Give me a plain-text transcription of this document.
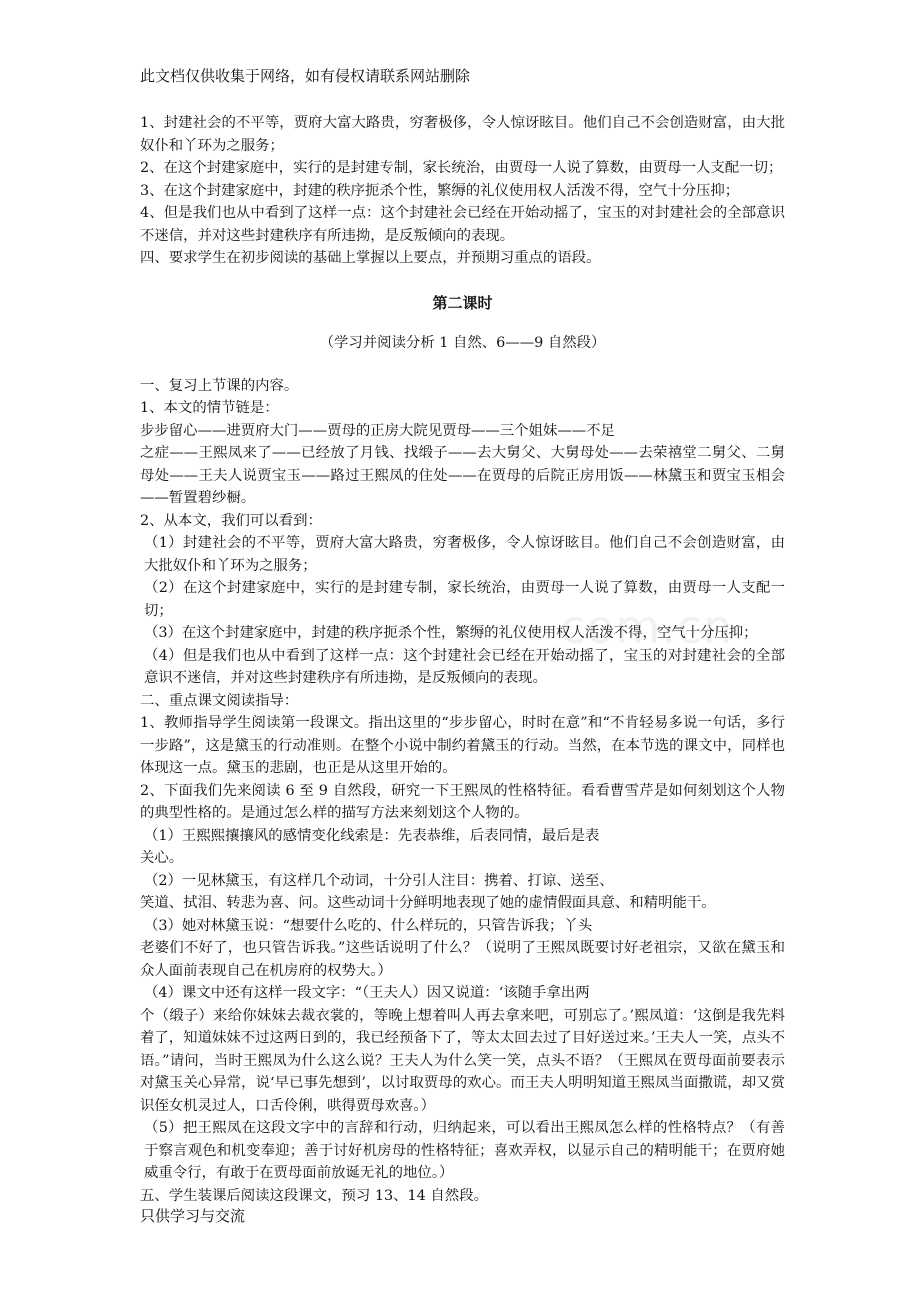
此文档仅供收集于网络，如有侵权请联系网站删除
com.cn

1、封建社会的不平等，贾府大富大路贵，穷奢极侈，令人惊讶眩目。他们自己不会创造财富，由大批奴仆和丫环为之服务；

2、在这个封建家庭中，实行的是封建专制，家长统治，由贾母一人说了算数，由贾母一人支配一切；

3、在这个封建家庭中，封建的秩序扼杀个性，繁缛的礼仪使用权人活泼不得，空气十分压抑；

4、但是我们也从中看到了这样一点：这个封建社会已经在开始动摇了，宝玉的对封建社会的全部意识不迷信，并对这些封建秩序有所违拗，是反叛倾向的表现。

四、要求学生在初步阅读的基础上掌握以上要点，并预期习重点的语段。

第二课时

（学习并阅读分析 1 自然、6——9 自然段）

一、复习上节课的内容。

1、本文的情节链是：

步步留心——进贾府大门——贾母的正房大院见贾母——三个姐妹——不足

之症——王熙凤来了——已经放了月钱、找缎子——去大舅父、大舅母处——去荣禧堂二舅父、二舅母处——王夫人说贾宝玉——路过王熙凤的住处——在贾母的后院正房用饭——林黛玉和贾宝玉相会——暂置碧纱橱。

2、从本文，我们可以看到：

（1）封建社会的不平等，贾府大富大路贵，穷奢极侈，令人惊讶眩目。他们自己不会创造财富，由大批奴仆和丫环为之服务；

（2）在这个封建家庭中，实行的是封建专制，家长统治，由贾母一人说了算数，由贾母一人支配一切；

（3）在这个封建家庭中，封建的秩序扼杀个性，繁缛的礼仪使用权人活泼不得，空气十分压抑；

（4）但是我们也从中看到了这样一点：这个封建社会已经在开始动摇了，宝玉的对封建社会的全部意识不迷信，并对这些封建秩序有所违拗，是反叛倾向的表现。

二、重点课文阅读指导：

1、教师指导学生阅读第一段课文。指出这里的“步步留心，时时在意”和“不肯轻易多说一句话，多行一步路”，这是黛玉的行动准则。在整个小说中制约着黛玉的行动。当然，在本节选的课文中，同样也体现这一点。黛玉的悲剧，也正是从这里开始的。

2、下面我们先来阅读 6 至 9 自然段，研究一下王熙凤的性格特征。看看曹雪芹是如何刻划这个人物的典型性格的。是通过怎么样的描写方法来刻划这个人物的。

（1）王熙熙攘攘风的感情变化线索是：先表恭维，后表同情，最后是表

关心。

（2）一见林黛玉，有这样几个动词，十分引人注目：携着、打谅、送至、

笑道、拭泪、转悲为喜、问。这些动词十分鲜明地表现了她的虚情假面具意、和精明能干。

（3）她对林黛玉说：“想要什么吃的、什么样玩的，只管告诉我；丫头

老婆们不好了，也只管告诉我。”这些话说明了什么？（说明了王熙凤既要讨好老祖宗，又欲在黛玉和众人面前表现自己在机房府的权势大。）

（4）课文中还有这样一段文字：“（王夫人）因又说道：‘该随手拿出两

个（缎子）来给你妹妹去裁衣裳的，等晚上想着叫人再去拿来吧，可别忘了。’熙凤道：‘这倒是我先料着了，知道妹妹不过这两日到的，我已经预备下了，等太太回去过了目好送过来。’王夫人一笑，点头不语。”请问，当时王熙凤为什么这么说？王夫人为什么笑一笑，点头不语？（王熙凤在贾母面前要表示对黛玉关心异常，说‘早已事先想到’，以讨取贾母的欢心。而王夫人明明知道王熙凤当面撒谎，却又赏识侄女机灵过人，口舌伶俐，哄得贾母欢喜。）

（5）把王熙凤在这段文字中的言辞和行动，归纳起来，可以看出王熙凤怎么样的性格特点？（有善于察言观色和机变奉迎；善于讨好机房母的性格特征；喜欢弄权，以显示自己的精明能干；在贾府她威重令行，有敢于在贾母面前放诞无礼的地位。）

五、学生装课后阅读这段课文，预习 13、14 自然段。

只供学习与交流
